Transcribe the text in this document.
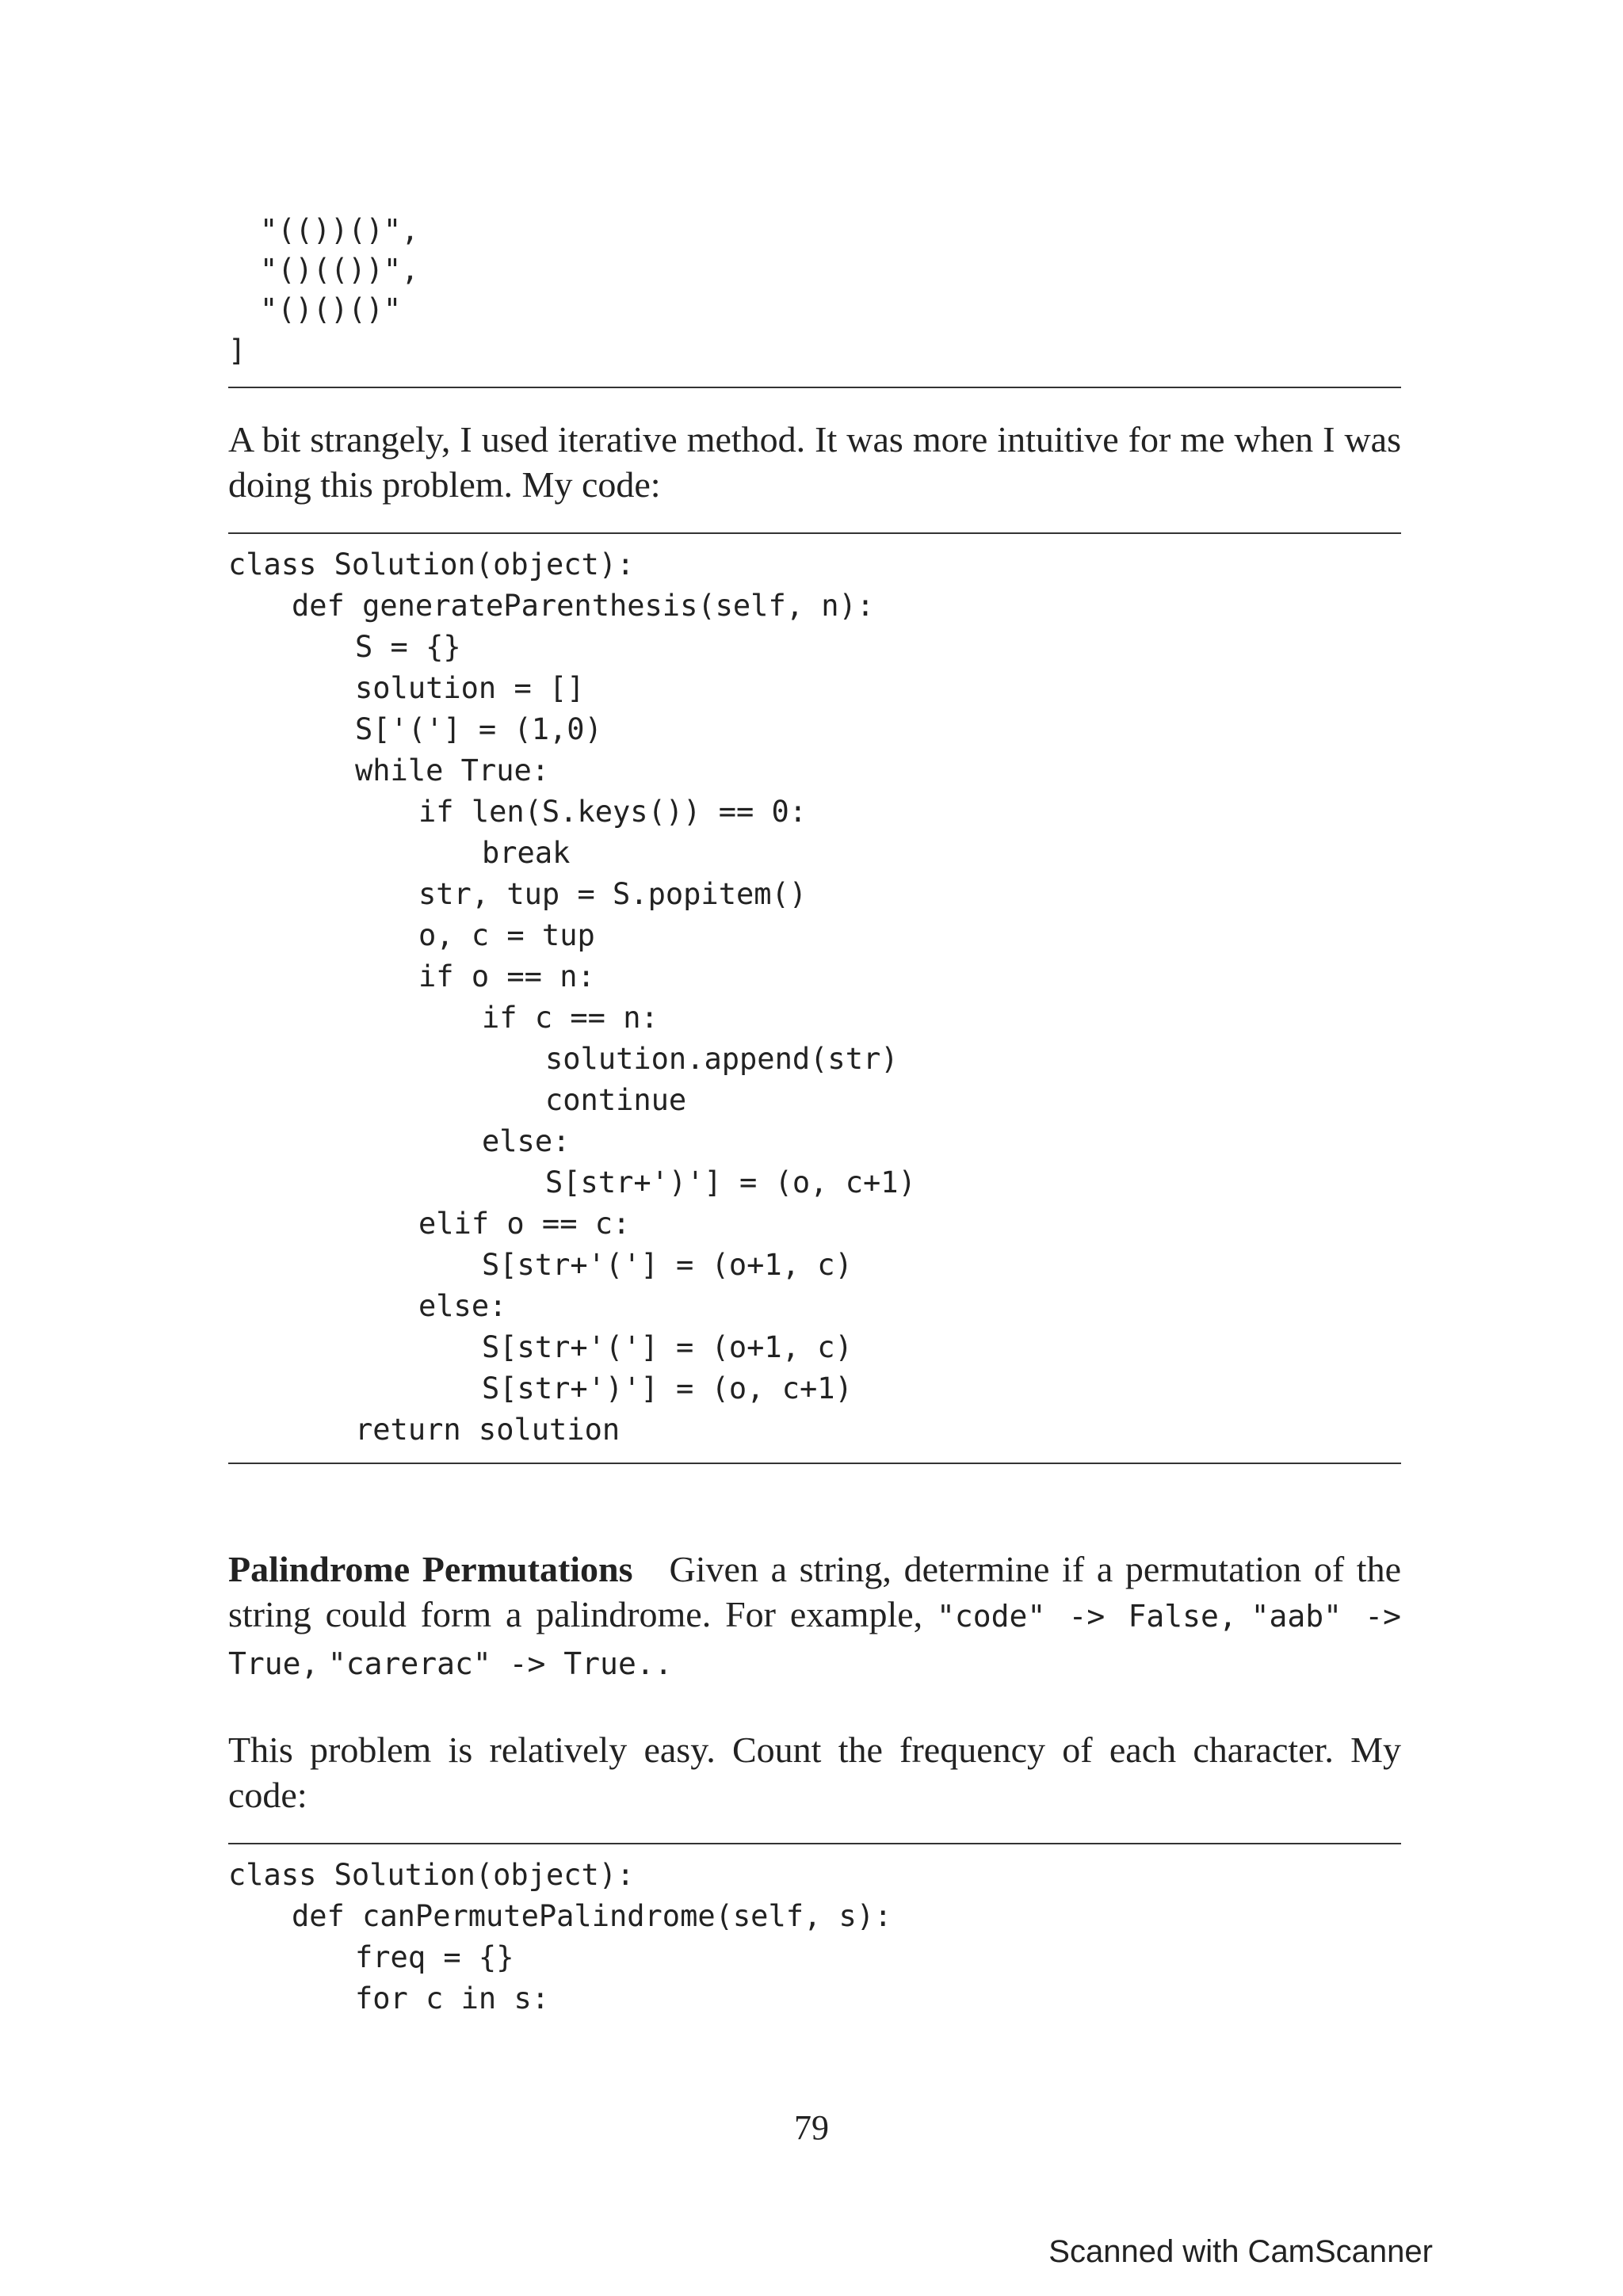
"(())()",
"()(())",
"()()()"
]
A bit strangely, I used iterative method. It was more intuitive for me when I was doing this problem. My code:
class Solution(object):
def generateParenthesis(self, n):
S = {}
solution = []
S['('] = (1,0)
while True:
if len(S.keys()) == 0:
break
str, tup = S.popitem()
o, c = tup
if o == n:
if c == n:
solution.append(str)
continue
else:
S[str+')'] = (o, c+1)
elif o == c:
S[str+'('] = (o+1, c)
else:
S[str+'('] = (o+1, c)
S[str+')'] = (o, c+1)
return solution
Palindrome Permutations Given a string, determine if a permutation of the string could form a palindrome. For example, "code" -> False, "aab" -> True, "carerac" -> True..
This problem is relatively easy. Count the frequency of each character. My code:
class Solution(object):
def canPermutePalindrome(self, s):
freq = {}
for c in s:
79
Scanned with CamScanner
